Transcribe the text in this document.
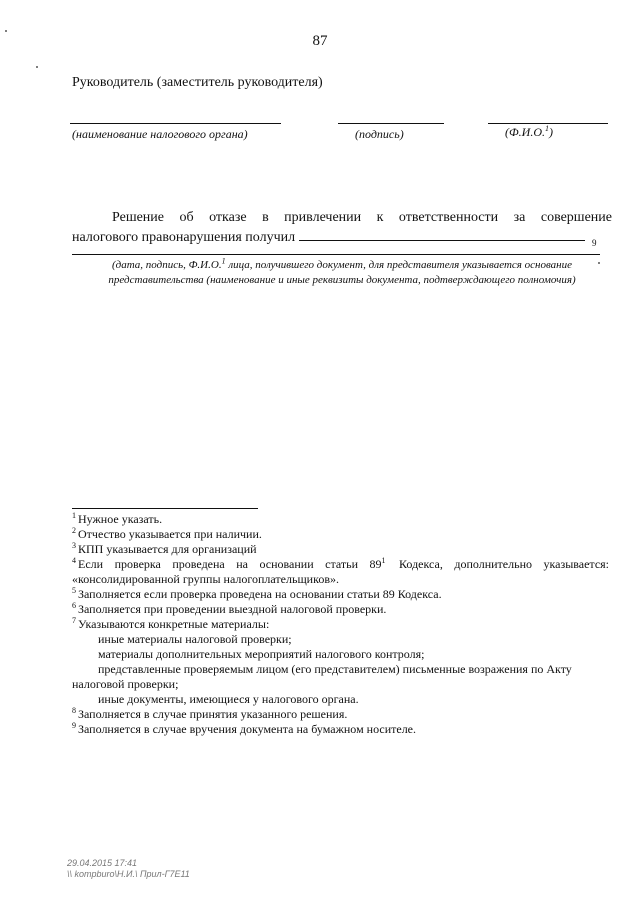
87
Руководитель (заместитель руководителя)
(наименование налогового органа)	(подпись)	(Ф.И.О.$^1$)
Решение об отказе в привлечении к ответственности за совершение
налогового правонарушения получил	9
(дата, подпись, Ф.И.О.$^1$ лица, получившего документ, для представителя указывается основание представительства (наименование и иные реквизиты документа, подтверждающего полномочия)

$^1$ Нужное указать.

$^2$ Отчество указывается при наличии.

$^3$ КПП указывается для организаций

$^4$ Если проверка проведена на основании статьи 89$^1$ Кодекса, дополнительно указывается:

«консолидированной группы налогоплательщиков».

$^5$ Заполняется если проверка проведена на основании статьи 89 Кодекса.

$^6$ Заполняется при проведении выездной налоговой проверки.

$^7$ Указываются конкретные материалы:

иные материалы налоговой проверки;

материалы дополнительных мероприятий налогового контроля;

представленные проверяемым лицом (его представителем) письменные возражения по Акту

налоговой проверки;

иные документы, имеющиеся у налогового органа.

$^8$ Заполняется в случае принятия указанного решения.

$^9$ Заполняется в случае вручения документа на бумажном носителе.

29.04.2015 17:41
\\ kompburo\Н.И.\ Прил-Г7Е11
